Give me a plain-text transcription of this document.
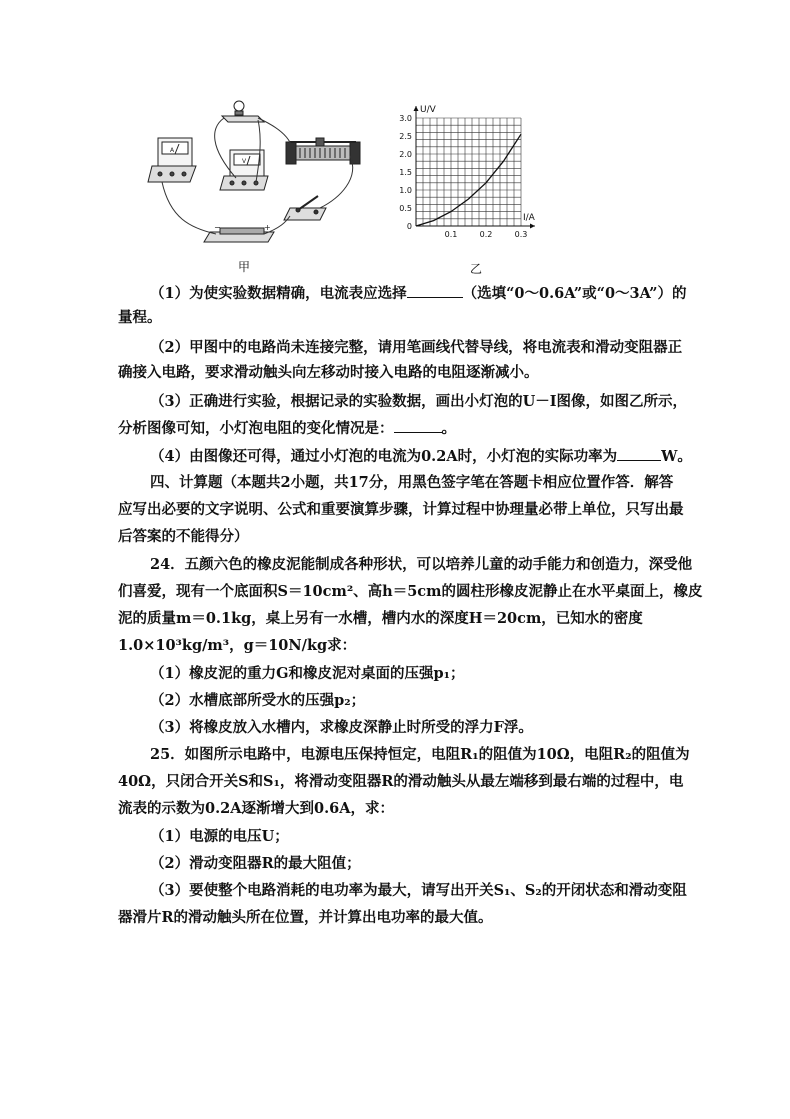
A
V
−	+
甲
U/V
I/A
0
0.5
1.0
1.5
2.0
2.5
3.0
0.1	0.2	0.3
乙
（1）为使实验数据精确，电流表应选择	（选填“0～0.6A”或“0～3A”）的
量程。
（2）甲图中的电路尚未连接完整，请用笔画线代替导线，将电流表和滑动变阻器正
确接入电路，要求滑动触头向左移动时接入电路的电阻逐渐减小。
（3）正确进行实验，根据记录的实验数据，画出小灯泡的U－I图像，如图乙所示，
分析图像可知，小灯泡电阻的变化情况是：	。
（4）由图像还可得，通过小灯泡的电流为0.2A时，小灯泡的实际功率为	W。
四、计算题（本题共2小题，共17分，用黑色签字笔在答题卡相应位置作答．解答
应写出必要的文字说明、公式和重要演算步骤，计算过程中协理量必带上单位，只写出最
后答案的不能得分）
24．五颜六色的橡皮泥能制成各种形状，可以培养儿童的动手能力和创造力，深受他
们喜爱，现有一个底面积S＝10cm²、高h＝5cm的圆柱形橡皮泥静止在水平桌面上，橡皮
泥的质量m＝0.1kg，桌上另有一水槽，槽内水的深度H＝20cm，已知水的密度
1.0×10³kg/m³，g＝10N/kg求：
（1）橡皮泥的重力G和橡皮泥对桌面的压强p₁；
（2）水槽底部所受水的压强p₂；
（3）将橡皮放入水槽内，求橡皮深静止时所受的浮力F浮。
25．如图所示电路中，电源电压保持恒定，电阻R₁的阻值为10Ω，电阻R₂的阻值为
40Ω，只闭合开关S和S₁，将滑动变阻器R的滑动触头从最左端移到最右端的过程中，电
流表的示数为0.2A逐渐增大到0.6A，求：
（1）电源的电压U；
（2）滑动变阻器R的最大阻值；
（3）要使整个电路消耗的电功率为最大，请写出开关S₁、S₂的开闭状态和滑动变阻
器滑片R的滑动触头所在位置，并计算出电功率的最大值。
